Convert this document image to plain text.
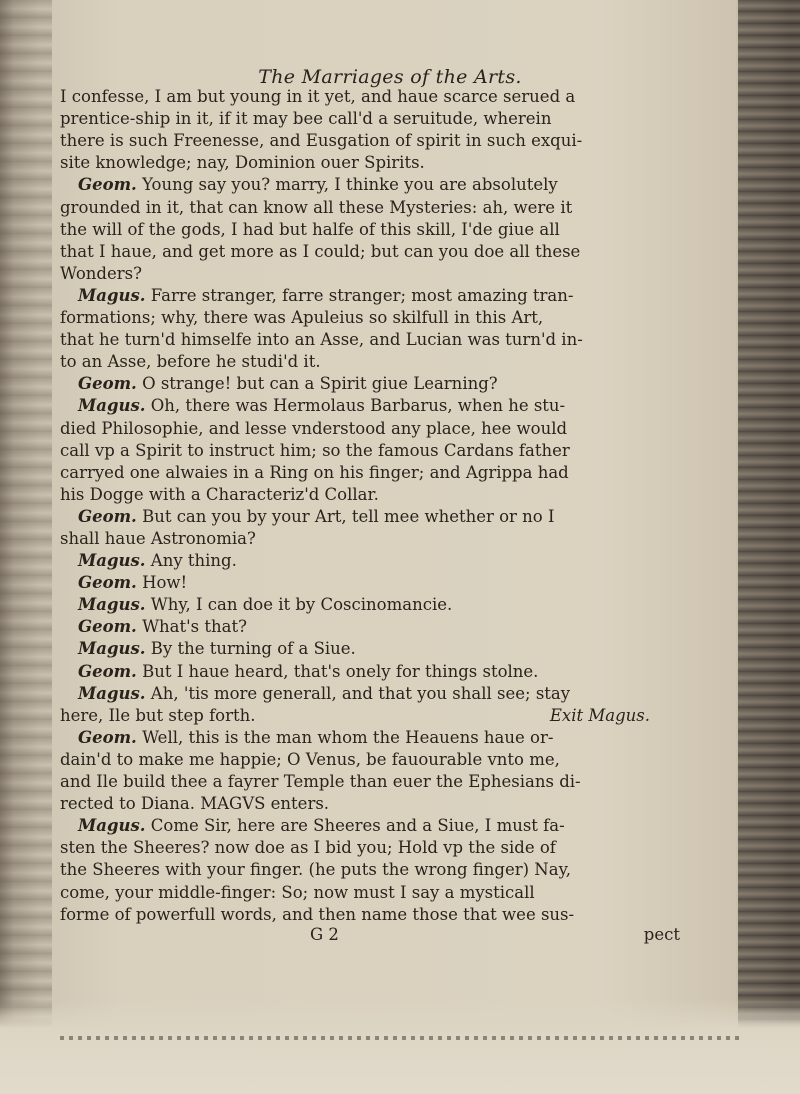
The Marriages of the Arts.
I confesse, I am but young in it yet, and haue scarce serued a
prentice-ship in it, if it may bee call'd a seruitude, wherein
there is such Freenesse, and Eusgation of spirit in such exqui-
site knowledge; nay, Dominion ouer Spirits.
Geom. Young say you? marry, I thinke you are absolutely
grounded in it, that can know all these Mysteries: ah, were it
the will of the gods, I had but halfe of this skill, I'de giue all
that I haue, and get more as I could; but can you doe all these
Wonders?
Magus. Farre stranger, farre stranger; most amazing tran-
formations; why, there was Apuleius so skilfull in this Art,
that he turn'd himselfe into an Asse, and Lucian was turn'd in-
to an Asse, before he studi'd it.
Geom. O strange! but can a Spirit giue Learning?
Magus. Oh, there was Hermolaus Barbarus, when he stu-
died Philosophie, and lesse vnderstood any place, hee would
call vp a Spirit to instruct him; so the famous Cardans father
carryed one alwaies in a Ring on his finger; and Agrippa had
his Dogge with a Characteriz'd Collar.
Geom. But can you by your Art, tell mee whether or no I
shall haue Astronomia?
Magus. Any thing.
Geom. How!
Magus. Why, I can doe it by Coscinomancie.
Geom. What's that?
Magus. By the turning of a Siue.
Geom. But I haue heard, that's onely for things stolne.
Magus. Ah, 'tis more generall, and that you shall see; stay
here, Ile but step forth.	Exit Magus.
Geom. Well, this is the man whom the Heauens haue or-
dain'd to make me happie; O Venus, be fauourable vnto me,
and Ile build thee a fayrer Temple than euer the Ephesians di-
rected to Diana. MAGVS enters.
Magus. Come Sir, here are Sheeres and a Siue, I must fa-
sten the Sheeres? now doe as I bid you; Hold vp the side of
the Sheeres with your finger. (he puts the wrong finger) Nay,
come, your middle-finger: So; now must I say a mysticall
forme of powerfull words, and then name those that wee sus-
G 2	pect
